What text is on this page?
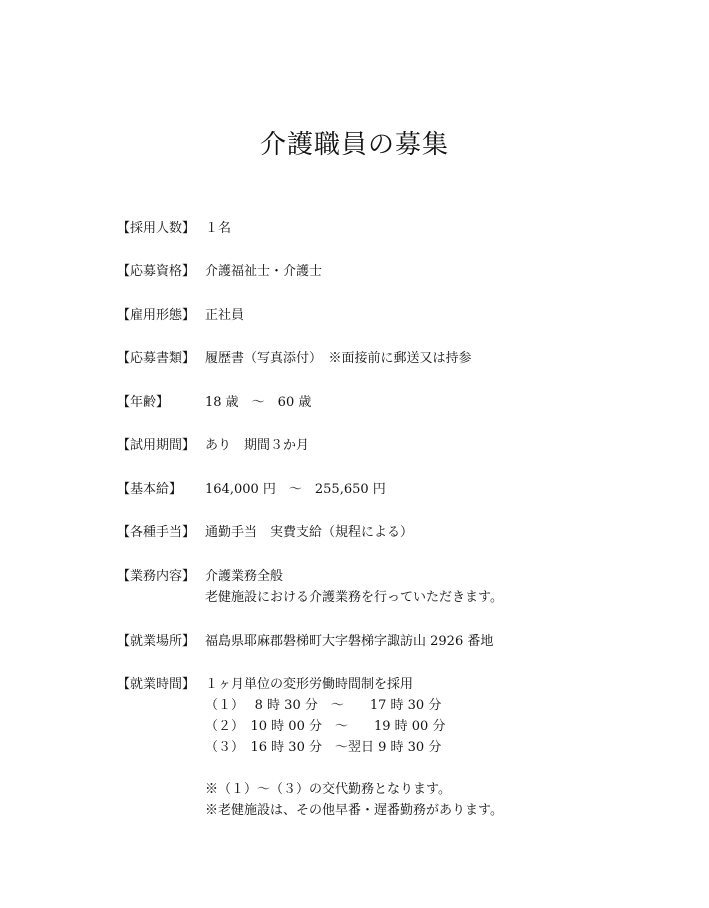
介護職員の募集
【採用人数】 １名
【応募資格】 介護福祉士・介護士
【雇用形態】 正社員
【応募書類】 履歴書（写真添付）　※面接前に郵送又は持参
【年齢】	18 歳　～　60 歳
【試用期間】 あり　期間３か月
【基本給】	164,000 円　～　255,650 円
【各種手当】 通勤手当　実費支給（規程による）
【業務内容】 介護業務全般
老健施設における介護業務を行っていただきます。
【就業場所】 福島県耶麻郡磐梯町大字磐梯字諏訪山 2926 番地
【就業時間】 １ヶ月単位の変形労働時間制を採用
（１）　 8 時 30 分　～　　17 時 30 分
（２）　10 時 00 分　～　　19 時 00 分
（３）　16 時 30 分　～翌日 9 時 30 分
※（１）～（３）の交代勤務となります。
※老健施設は、その他早番・遅番勤務があります。
